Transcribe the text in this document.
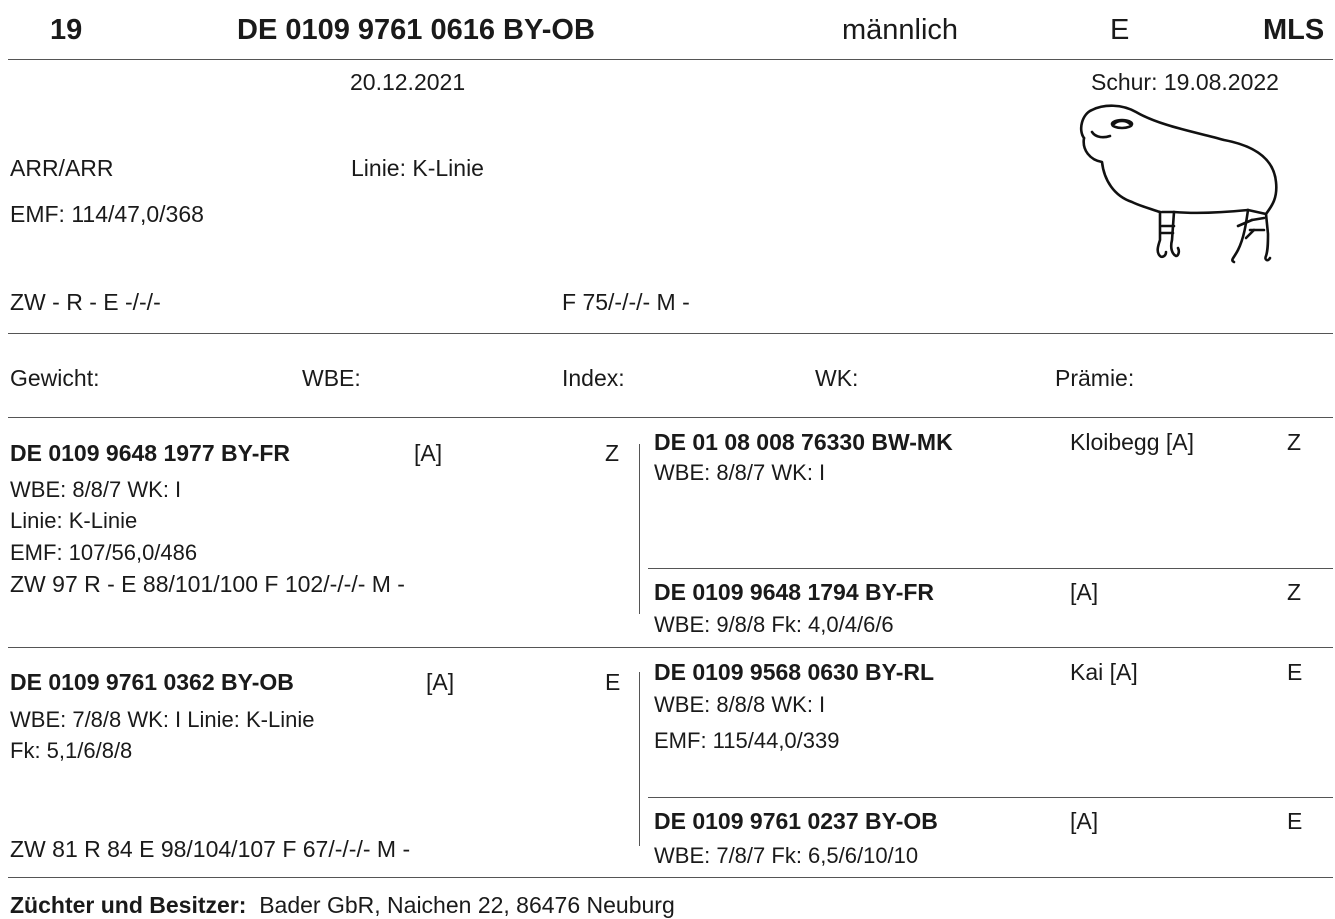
19	DE 0109 9761 0616 BY-OB	männlich	E	MLS
20.12.2021	Schur: 19.08.2022
ARR/ARR	Linie: K-Linie
EMF: 114/47,0/368
ZW - R - E -/-/-	F 75/-/-/- M -
Gewicht:	WBE:	Index:	WK:	Prämie:
DE 0109 9648 1977 BY-FR	[A]	Z
WBE: 8/8/7 WK: I
Linie: K-Linie
EMF: 107/56,0/486
ZW 97 R - E 88/101/100 F 102/-/-/- M -
DE 01 08 008 76330 BW-MK	Kloibegg [A]	Z
WBE: 8/8/7 WK: I
DE 0109 9648 1794 BY-FR	[A]	Z
WBE: 9/8/8 Fk: 4,0/4/6/6
DE 0109 9761 0362 BY-OB	[A]	E
WBE: 7/8/8 WK: I Linie: K-Linie
Fk: 5,1/6/8/8
ZW 81 R 84 E 98/104/107 F 67/-/-/- M -
DE 0109 9568 0630 BY-RL	Kai [A]	E
WBE: 8/8/8 WK: I
EMF: 115/44,0/339
DE 0109 9761 0237 BY-OB	[A]	E
WBE: 7/8/7 Fk: 6,5/6/10/10
Züchter und Besitzer: Bader GbR, Naichen 22, 86476 Neuburg
